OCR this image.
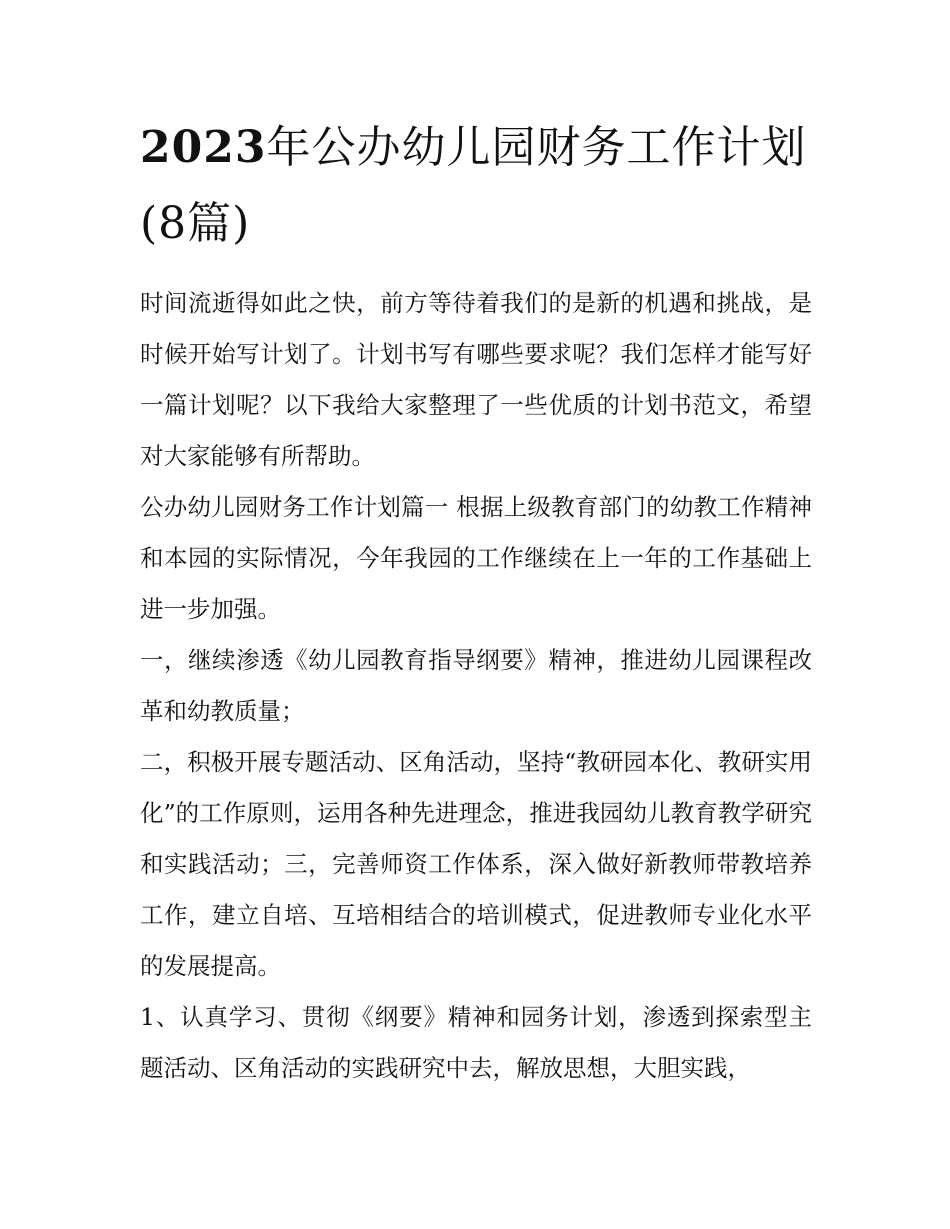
2023年公办幼儿园财务工作计划(8篇)

时间流逝得如此之快，前方等待着我们的是新的机遇和挑战，是时候开始写计划了。计划书写有哪些要求呢？我们怎样才能写好一篇计划呢？以下我给大家整理了一些优质的计划书范文，希望对大家能够有所帮助。

公办幼儿园财务工作计划篇一 根据上级教育部门的幼教工作精神和本园的实际情况，今年我园的工作继续在上一年的工作基础上进一步加强。

一，继续渗透《幼儿园教育指导纲要》精神，推进幼儿园课程改革和幼教质量；

二，积极开展专题活动、区角活动，坚持“教研园本化、教研实用化”的工作原则，运用各种先进理念，推进我园幼儿教育教学研究和实践活动；三，完善师资工作体系，深入做好新教师带教培养工作，建立自培、互培相结合的培训模式，促进教师专业化水平的发展提高。

1、认真学习、贯彻《纲要》精神和园务计划，渗透到探索型主题活动、区角活动的实践研究中去，解放思想，大胆实践，
